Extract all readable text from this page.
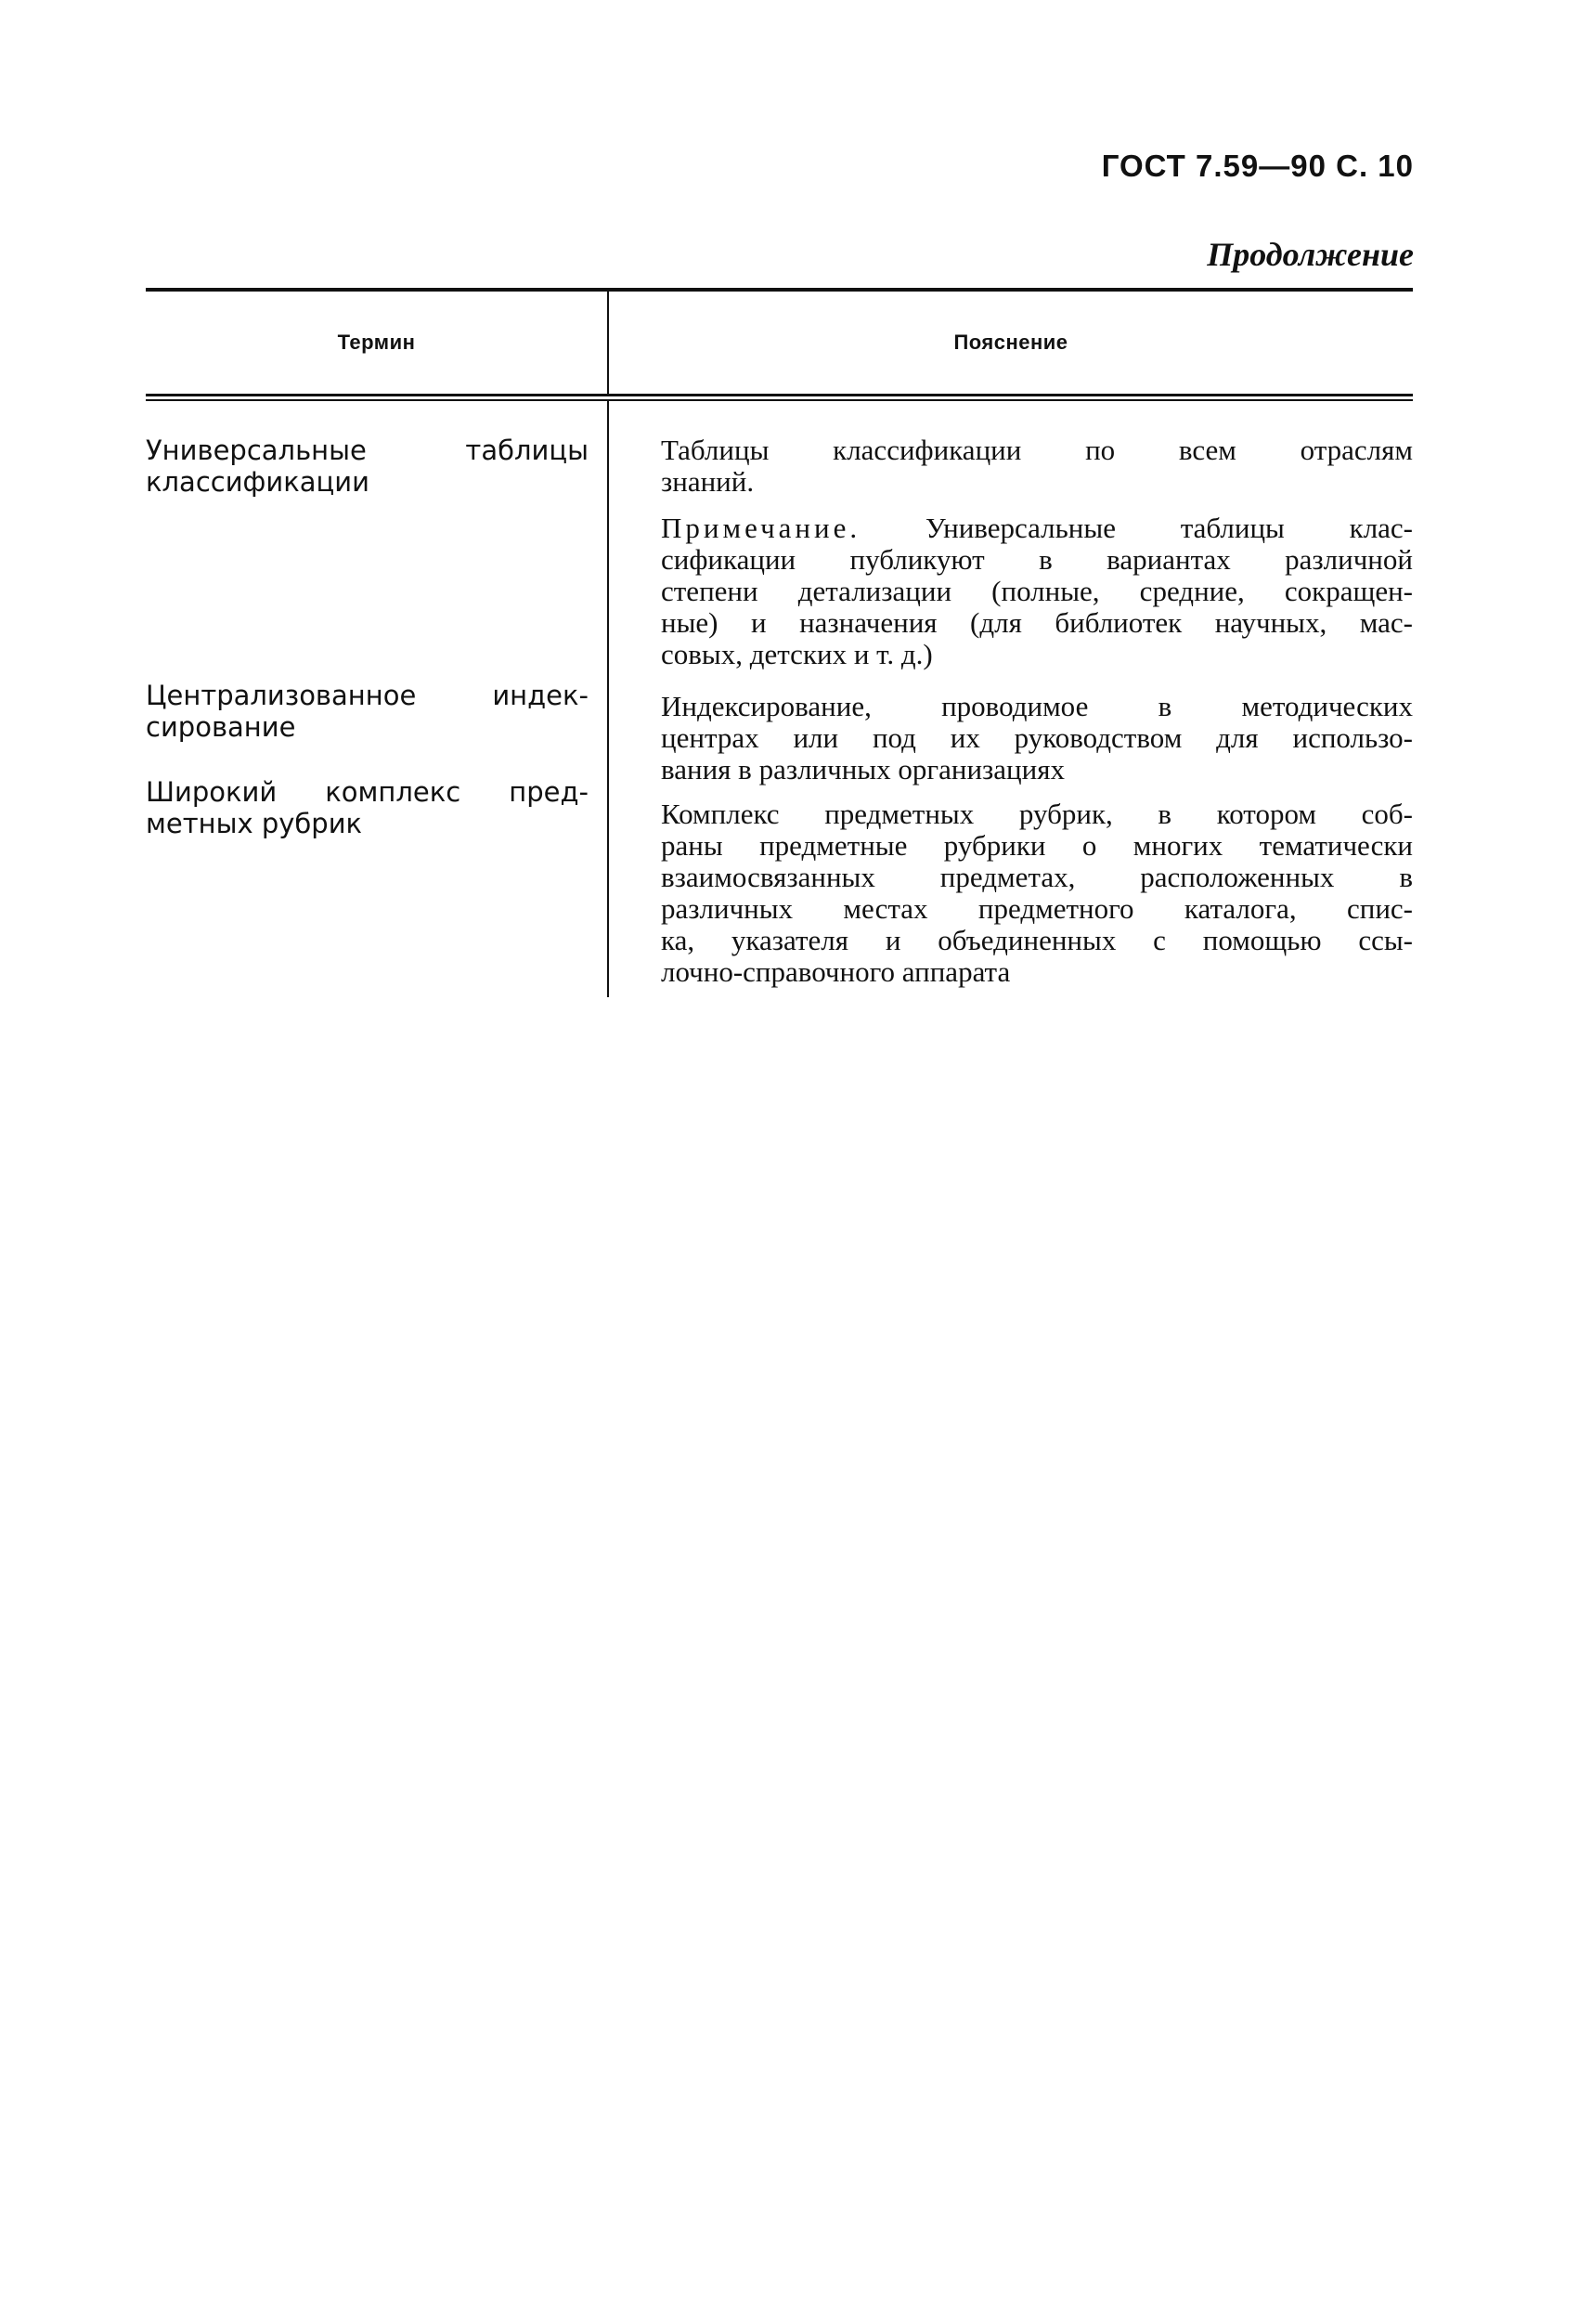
ГОСТ 7.59—90 С. 10
Продолжение
Термин	Пояснение
Универсальные таблицы
классификации
Централизованное индек-
сирование
Широкий комплекс пред-
метных рубрик
Таблицы классификации по всем отраслям
знаний.
Примечание. Универсальные таблицы клас-
сификации публикуют в вариантах различной
степени детализации (полные, средние, сокращен-
ные) и назначения (для библиотек научных, мас-
совых, детских и т. д.)
Индексирование, проводимое в методических
центрах или под их руководством для использо-
вания в различных организациях
Комплекс предметных рубрик, в котором соб-
раны предметные рубрики о многих тематически
взаимосвязанных предметах, расположенных в
различных местах предметного каталога, спис-
ка, указателя и объединенных с помощью ссы-
лочно-справочного аппарата
